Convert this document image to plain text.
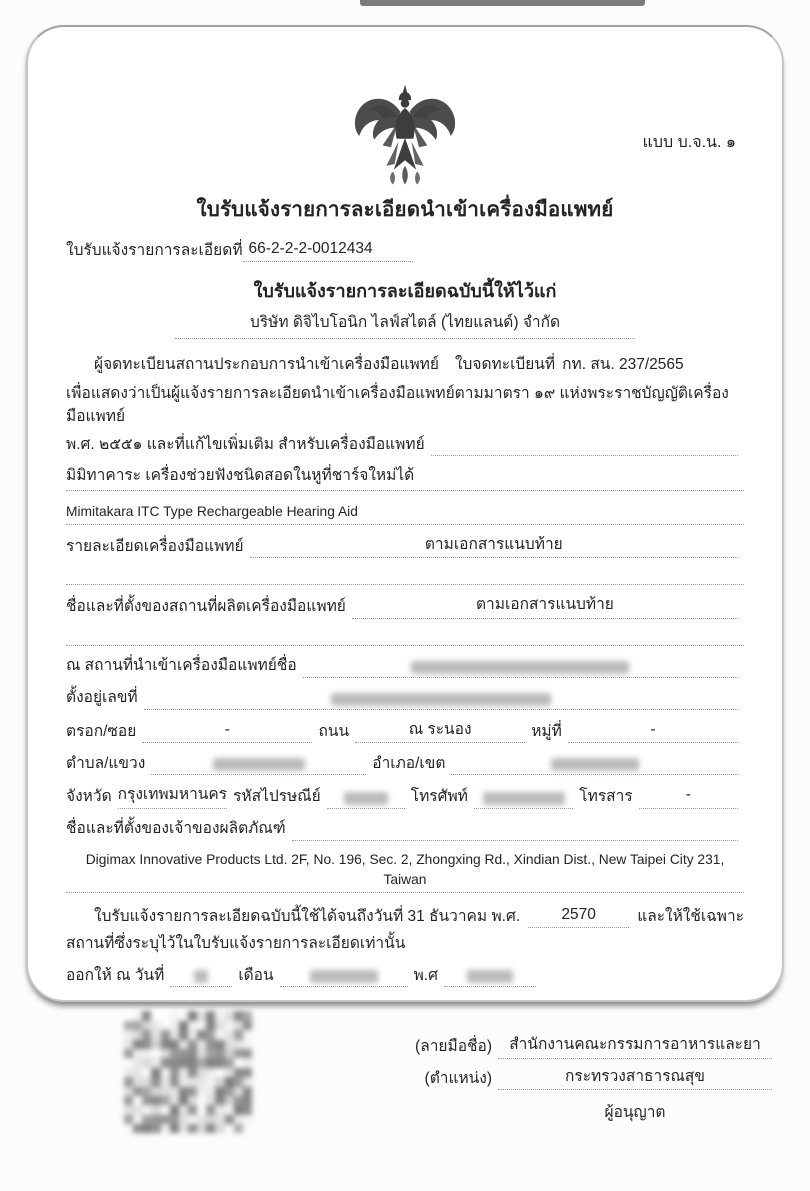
แบบ บ.จ.น. ๑
ใบรับแจ้งรายการละเอียดนำเข้าเครื่องมือแพทย์
ใบรับแจ้งรายการละเอียดที่ 66-2-2-2-0012434
ใบรับแจ้งรายการละเอียดฉบับนี้ให้ไว้แก่
บริษัท ดิจิไบโอนิก ไลฟ์สไตล์ (ไทยแลนด์) จำกัด
ผู้จดทะเบียนสถานประกอบการนำเข้าเครื่องมือแพทย์ ใบจดทะเบียนที่ กท. สน. 237/2565
เพื่อแสดงว่าเป็นผู้แจ้งรายการละเอียดนำเข้าเครื่องมือแพทย์ตามมาตรา ๑๙ แห่งพระราชบัญญัติเครื่องมือแพทย์
พ.ศ. ๒๕๕๑ และที่แก้ไขเพิ่มเติม สำหรับเครื่องมือแพทย์
มิมิทาคาระ เครื่องช่วยฟังชนิดสอดในหูที่ชาร์จใหม่ได้
Mimitakara ITC Type Rechargeable Hearing Aid
รายละเอียดเครื่องมือแพทย์	ตามเอกสารแนบท้าย
ชื่อและที่ตั้งของสถานที่ผลิตเครื่องมือแพทย์	ตามเอกสารแนบท้าย
ณ สถานที่นำเข้าเครื่องมือแพทย์ชื่อ
ตั้งอยู่เลขที่
ตรอก/ซอย	-	ถนน	ณ ระนอง	หมู่ที่	-
ตำบล/แขวง	อำเภอ/เขต
จังหวัด กรุงเทพมหานคร รหัสไปรษณีย์	โทรศัพท์	โทรสาร	-
ชื่อและที่ตั้งของเจ้าของผลิตภัณฑ์
Digimax Innovative Products Ltd. 2F, No. 196, Sec. 2, Zhongxing Rd., Xindian Dist., New Taipei City 231, Taiwan
ใบรับแจ้งรายการละเอียดฉบับนี้ใช้ได้จนถึงวันที่ 31 ธันวาคม พ.ศ.	2570	และให้ใช้เฉพาะ
สถานที่ซึ่งระบุไว้ในใบรับแจ้งรายการละเอียดเท่านั้น
ออกให้ ณ วันที่	เดือน	พ.ศ
(ลายมือชื่อ) สำนักงานคณะกรรมการอาหารและยา
(ตำแหน่ง)	กระทรวงสาธารณสุข
ผู้อนุญาต
